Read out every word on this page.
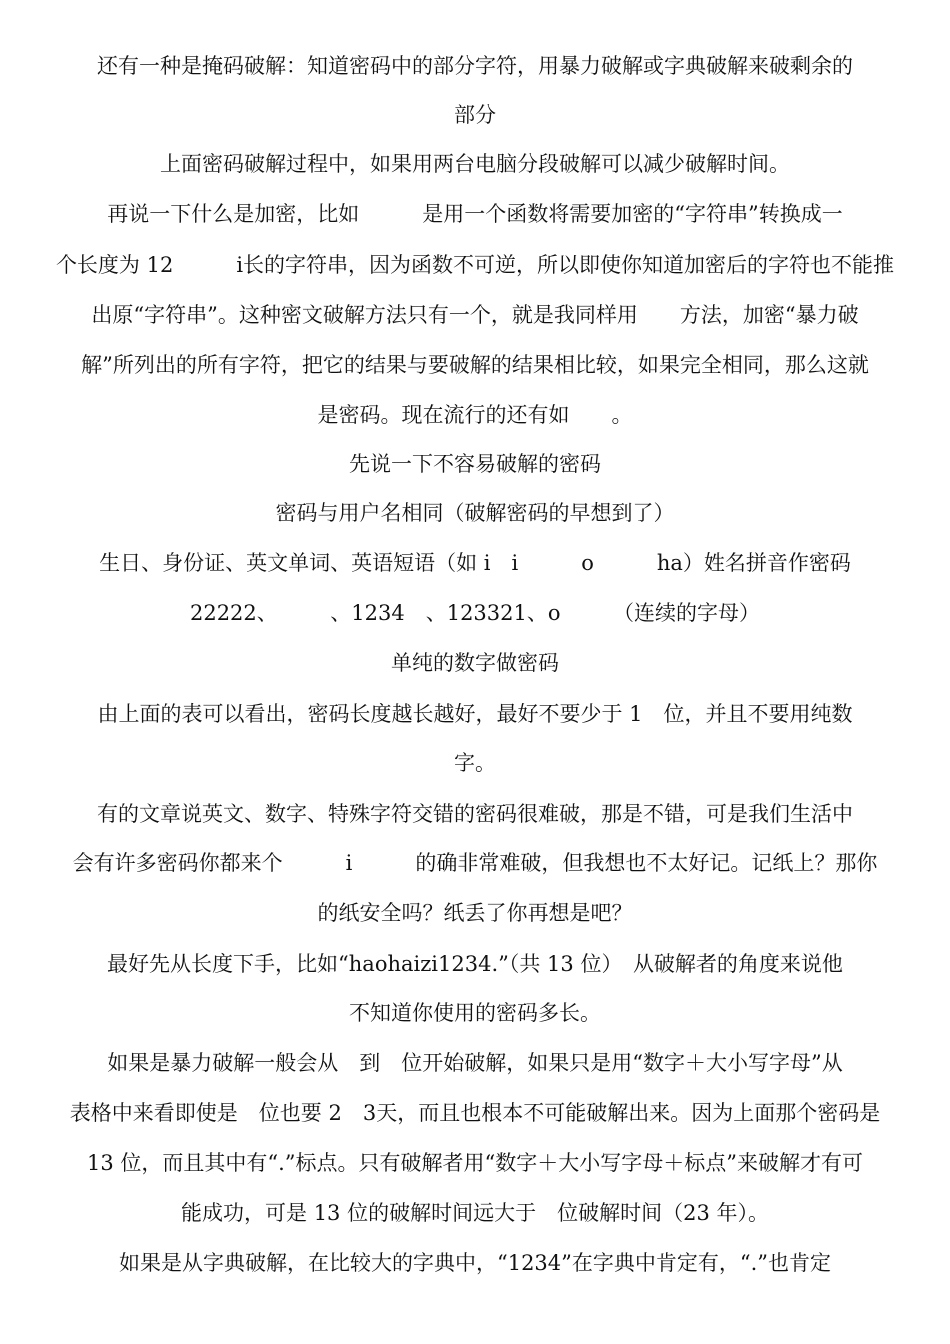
还有一种是掩码破解：知道密码中的部分字符，用暴力破解或字典破解来破剩余的
部分
上面密码破解过程中，如果用两台电脑分段破解可以减少破解时间。
再说一下什么是加密，比如　　　是用一个函数将需要加密的“字符串”转换成一
个长度为 12　　　i长的字符串，因为函数不可逆，所以即使你知道加密后的字符也不能推
出原“字符串”。这种密文破解方法只有一个，就是我同样用　　方法，加密“暴力破
解”所列出的所有字符，把它的结果与要破解的结果相比较，如果完全相同，那么这就
是密码。现在流行的还有如　　。
先说一下不容易破解的密码
密码与用户名相同（破解密码的早想到了）
生日、身份证、英文单词、英语短语（如 i　i　　　o　　　ha）姓名拼音作密码
22222、　　　、1234　、123321、o　　　（连续的字母）
单纯的数字做密码
由上面的表可以看出，密码长度越长越好，最好不要少于 1　位，并且不要用纯数
字。
有的文章说英文、数字、特殊字符交错的密码很难破，那是不错，可是我们生活中
会有许多密码你都来个　　　i　　　的确非常难破，但我想也不太好记。记纸上？那你
的纸安全吗？纸丢了你再想是吧？
最好先从长度下手，比如“haohaizi1234.”（共 13 位）　从破解者的角度来说他
不知道你使用的密码多长。
如果是暴力破解一般会从　到　位开始破解，如果只是用“数字＋大小写字母”从
表格中来看即使是　位也要 2　3天，而且也根本不可能破解出来。因为上面那个密码是
13 位，而且其中有“.”标点。只有破解者用“数字＋大小写字母＋标点”来破解才有可
能成功，可是 13 位的破解时间远大于　位破解时间（23 年）。
如果是从字典破解，在比较大的字典中，“1234”在字典中肯定有，“.”也肯定
